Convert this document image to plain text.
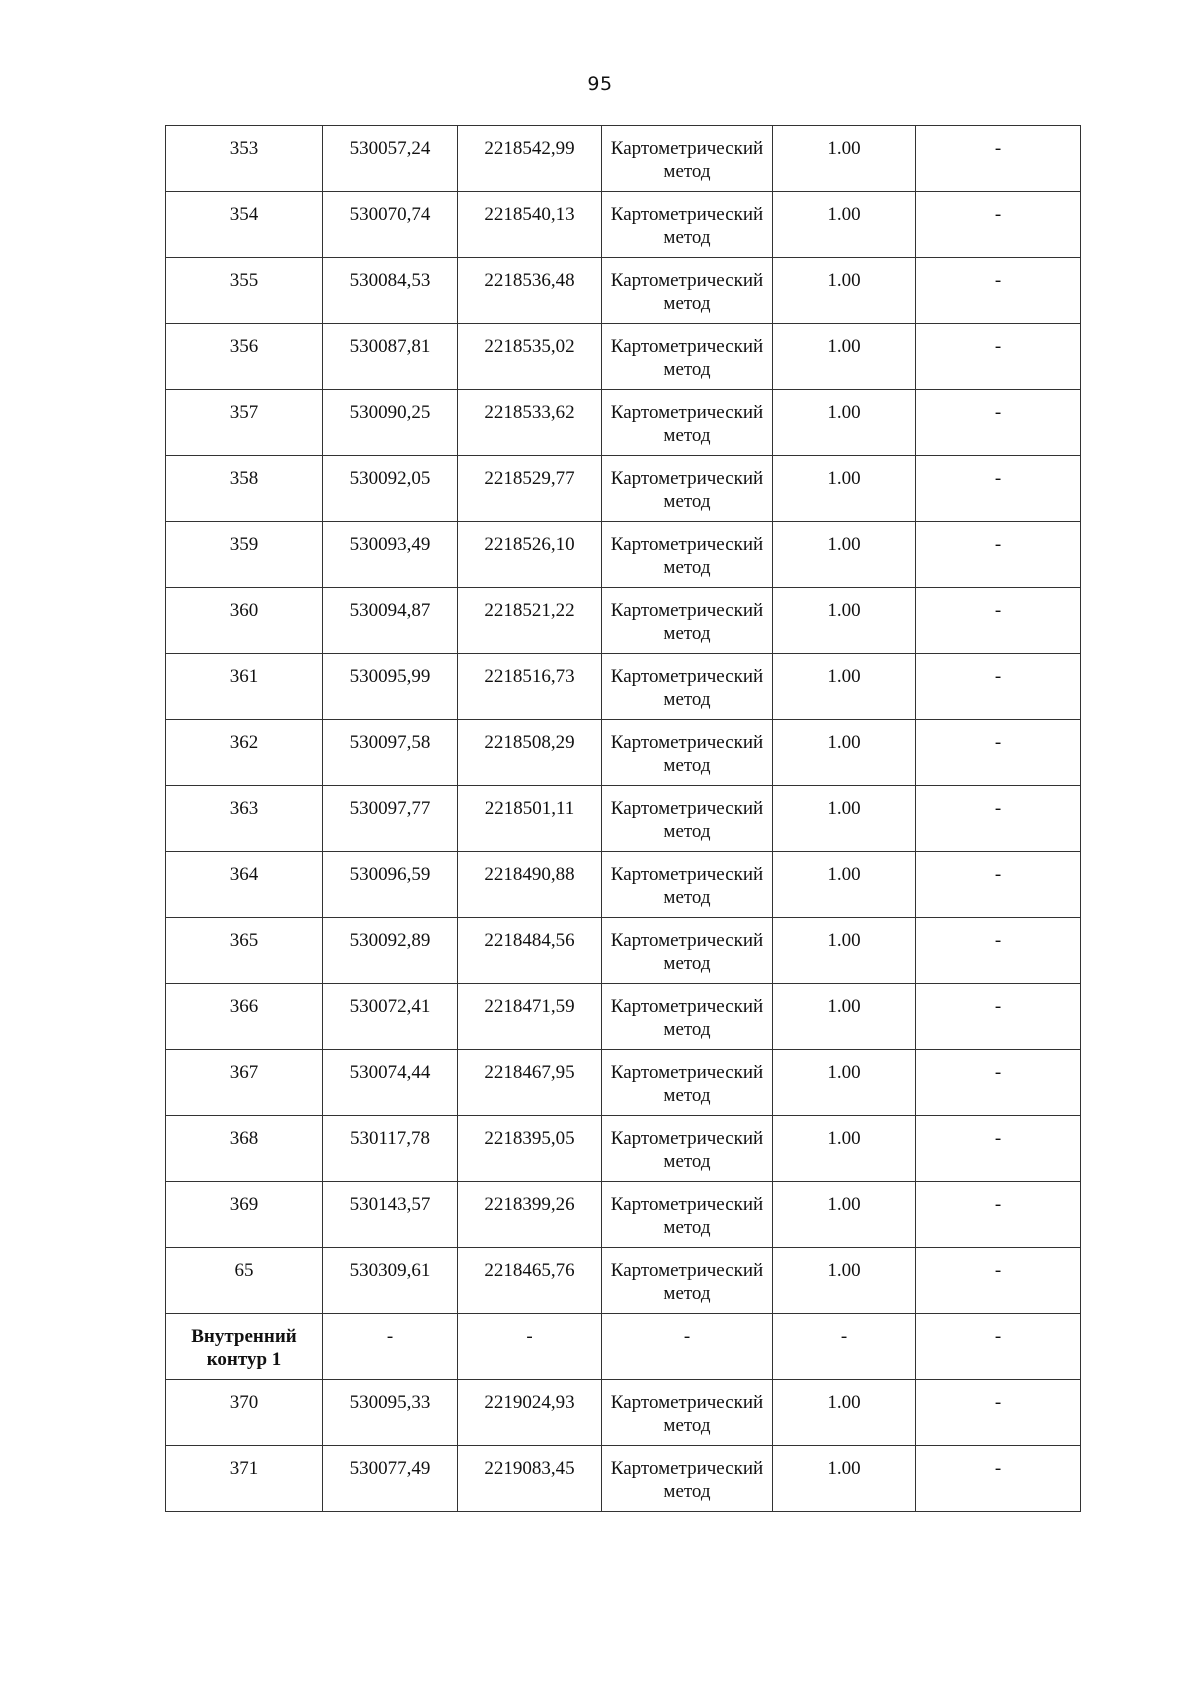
95
353	530057,24	2218542,99	Картометрический метод	1.00	-
354	530070,74	2218540,13	Картометрический метод	1.00	-
355	530084,53	2218536,48	Картометрический метод	1.00	-
356	530087,81	2218535,02	Картометрический метод	1.00	-
357	530090,25	2218533,62	Картометрический метод	1.00	-
358	530092,05	2218529,77	Картометрический метод	1.00	-
359	530093,49	2218526,10	Картометрический метод	1.00	-
360	530094,87	2218521,22	Картометрический метод	1.00	-
361	530095,99	2218516,73	Картометрический метод	1.00	-
362	530097,58	2218508,29	Картометрический метод	1.00	-
363	530097,77	2218501,11	Картометрический метод	1.00	-
364	530096,59	2218490,88	Картометрический метод	1.00	-
365	530092,89	2218484,56	Картометрический метод	1.00	-
366	530072,41	2218471,59	Картометрический метод	1.00	-
367	530074,44	2218467,95	Картометрический метод	1.00	-
368	530117,78	2218395,05	Картометрический метод	1.00	-
369	530143,57	2218399,26	Картометрический метод	1.00	-
65	530309,61	2218465,76	Картометрический метод	1.00	-
Внутренний контур 1	-	-	-	-	-
370	530095,33	2219024,93	Картометрический метод	1.00	-
371	530077,49	2219083,45	Картометрический метод	1.00	-
